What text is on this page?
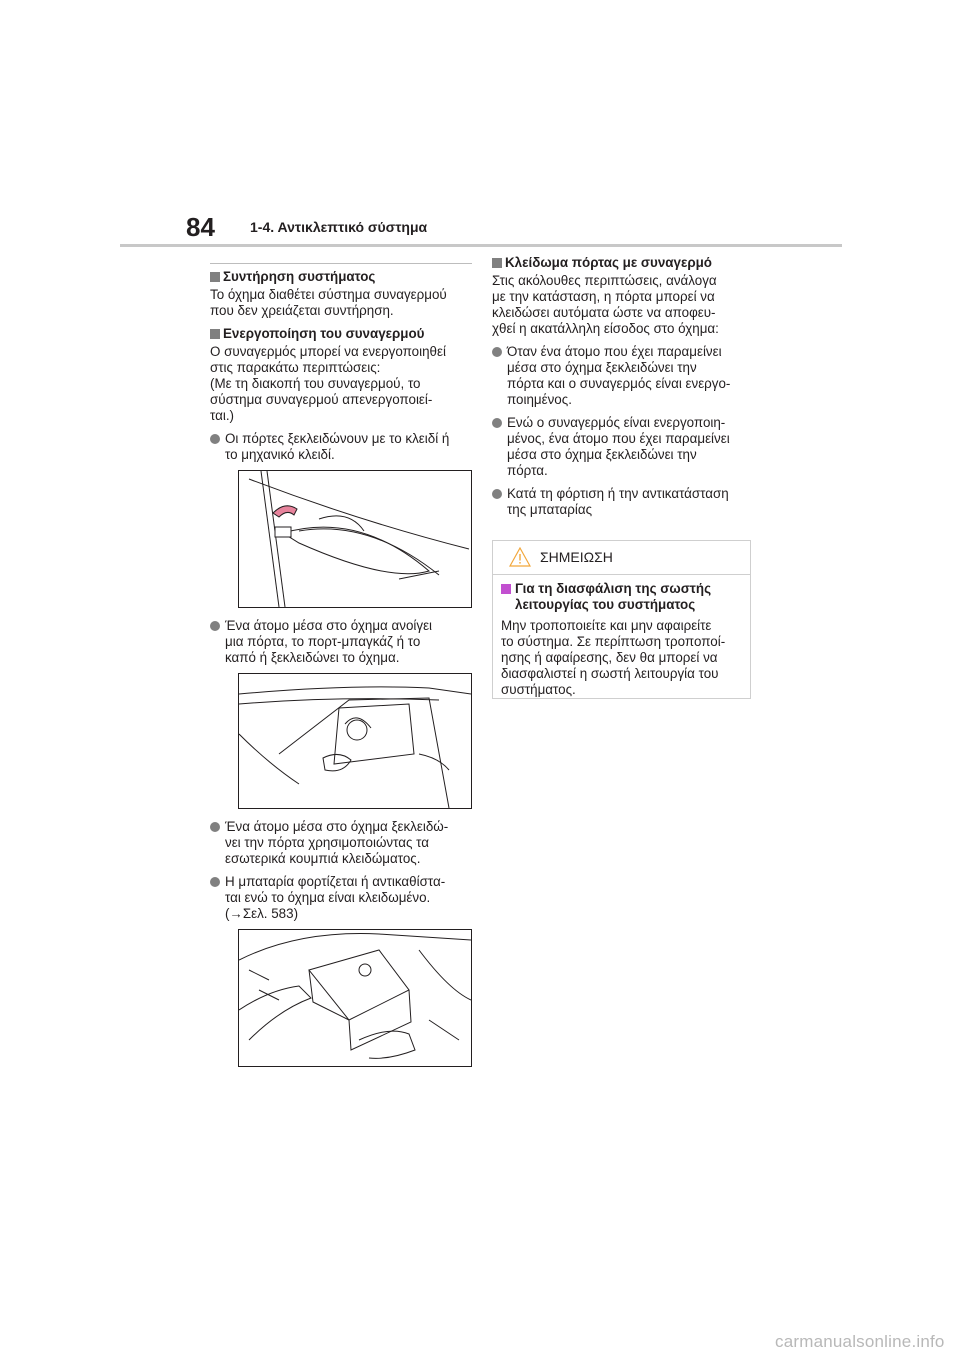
84	1-4. Αντικλεπτικό σύστημα
Συντήρηση συστήματος
Το όχημα διαθέτει σύστημα συναγερμού
που δεν χρειάζεται συντήρηση.
Ενεργοποίηση του συναγερμού
Ο συναγερμός μπορεί να ενεργοποιηθεί
στις παρακάτω περιπτώσεις:
(Με τη διακοπή του συναγερμού, το
σύστημα συναγερμού απενεργοποιεί-
ται.)
Οι πόρτες ξεκλειδώνουν με το κλειδί ή
το μηχανικό κλειδί.
Ένα άτομο μέσα στο όχημα ανοίγει
μια πόρτα, το πορτ-μπαγκάζ ή το
καπό ή ξεκλειδώνει το όχημα.
Ένα άτομο μέσα στο όχημα ξεκλειδώ-
νει την πόρτα χρησιμοποιώντας τα
εσωτερικά κουμπιά κλειδώματος.
Η μπαταρία φορτίζεται ή αντικαθίστα-
ται ενώ το όχημα είναι κλειδωμένο.
(→Σελ. 583)
Κλείδωμα πόρτας με συναγερμό
Στις ακόλουθες περιπτώσεις, ανάλογα
με την κατάσταση, η πόρτα μπορεί να
κλειδώσει αυτόματα ώστε να αποφευ-
χθεί η ακατάλληλη είσοδος στο όχημα:
Όταν ένα άτομο που έχει παραμείνει
μέσα στο όχημα ξεκλειδώνει την
πόρτα και ο συναγερμός είναι ενεργο-
ποιημένος.
Ενώ ο συναγερμός είναι ενεργοποιη-
μένος, ένα άτομο που έχει παραμείνει
μέσα στο όχημα ξεκλειδώνει την
πόρτα.
Κατά τη φόρτιση ή την αντικατάσταση
της μπαταρίας
ΣΗΜΕΙΩΣΗ
Για τη διασφάλιση της σωστής
λειτουργίας του συστήματος
Μην τροποποιείτε και μην αφαιρείτε
το σύστημα. Σε περίπτωση τροποποί-
ησης ή αφαίρεσης, δεν θα μπορεί να
διασφαλιστεί η σωστή λειτουργία του
συστήματος.
carmanualsonline.info
